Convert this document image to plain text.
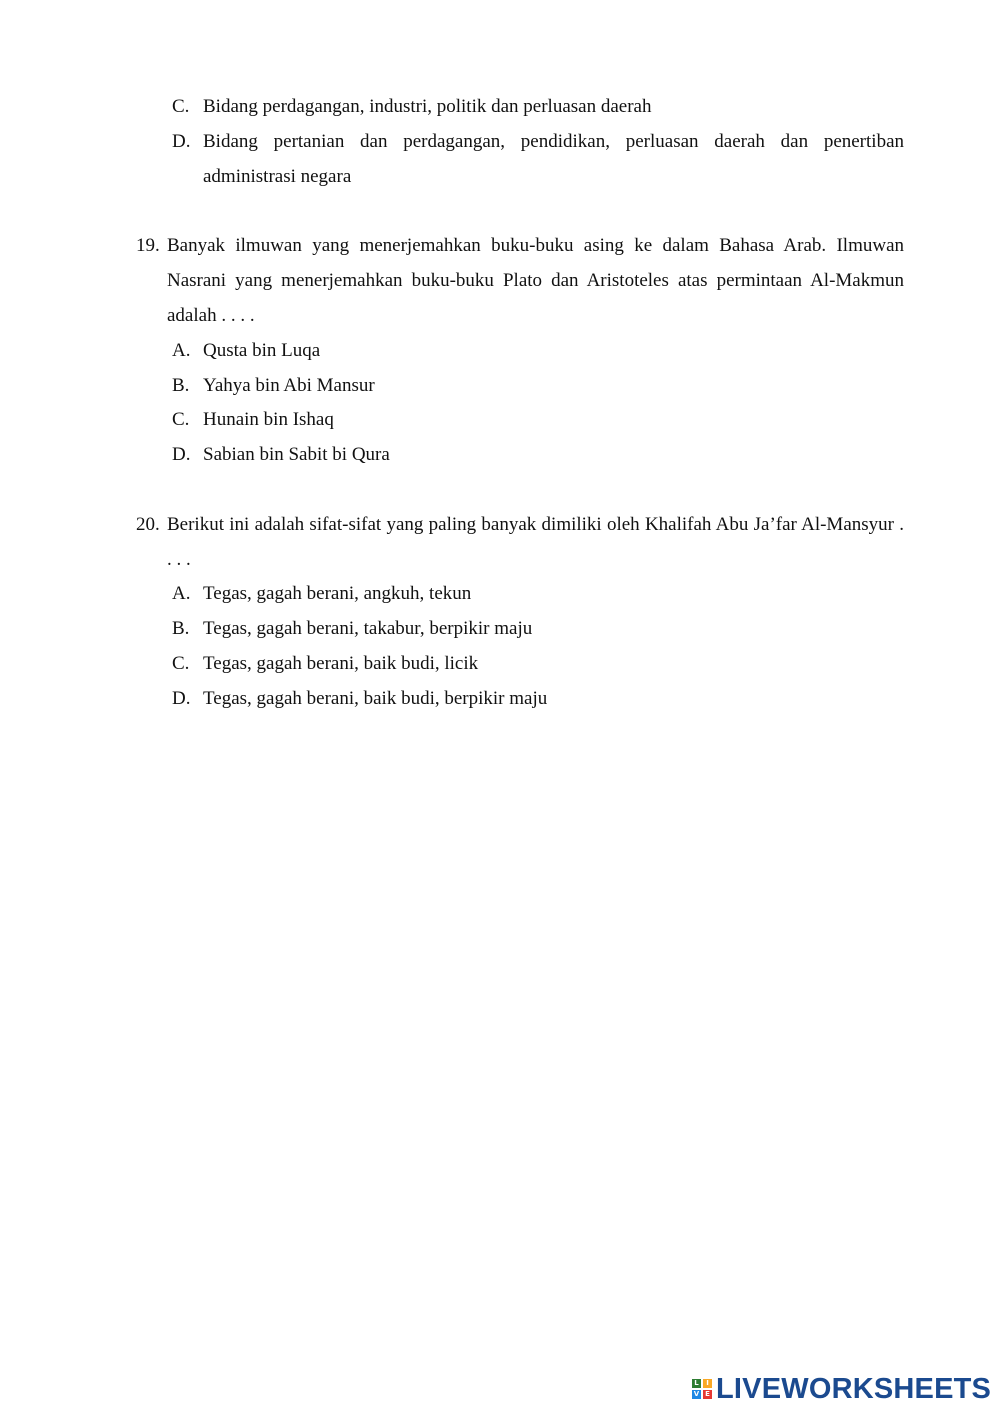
C. Bidang perdagangan, industri, politik dan perluasan daerah
D. Bidang pertanian dan perdagangan, pendidikan, perluasan daerah dan penertiban administrasi negara
19. Banyak ilmuwan yang menerjemahkan buku-buku asing ke dalam Bahasa Arab. Ilmuwan Nasrani yang menerjemahkan buku-buku Plato dan Aristoteles atas permintaan Al-Makmun adalah . . . .
A. Qusta bin Luqa
B. Yahya bin Abi Mansur
C. Hunain bin Ishaq
D. Sabian bin Sabit bi Qura
20. Berikut ini adalah sifat-sifat yang paling banyak dimiliki oleh Khalifah Abu Ja’far Al-Mansyur . . . .
A. Tegas, gagah berani, angkuh, tekun
B. Tegas, gagah berani, takabur, berpikir maju
C. Tegas, gagah berani, baik budi, licik
D. Tegas, gagah berani, baik budi, berpikir maju
L	I
V E LIVEWORKSHEETS
